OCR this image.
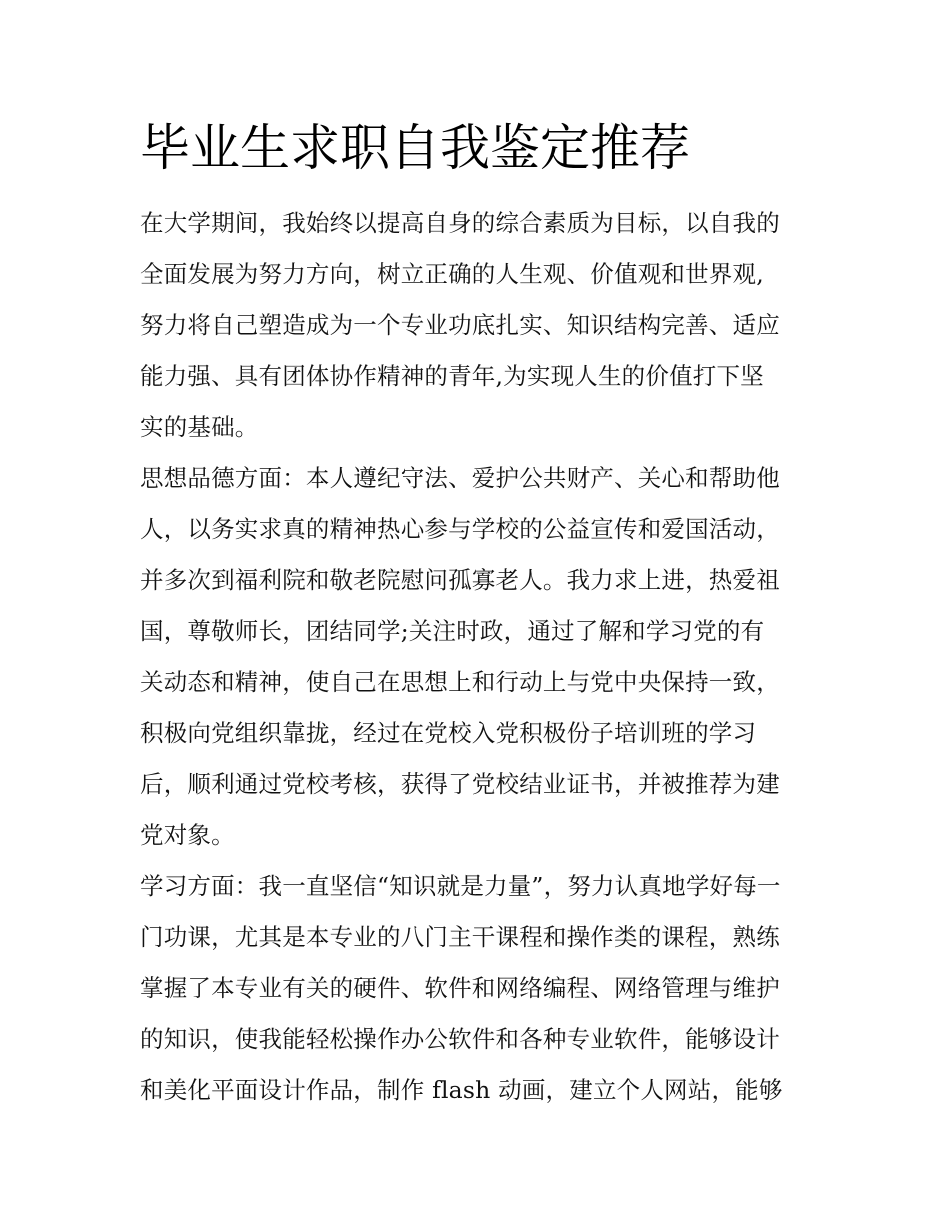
毕业生求职自我鉴定推荐
在大学期间，我始终以提高自身的综合素质为目标，以自我的
全面发展为努力方向，树立正确的人生观、价值观和世界观,
努力将自己塑造成为一个专业功底扎实、知识结构完善、适应
能力强、具有团体协作精神的青年,为实现人生的价值打下坚
实的基础。
思想品德方面：本人遵纪守法、爱护公共财产、关心和帮助他
人，以务实求真的精神热心参与学校的公益宣传和爱国活动，
并多次到福利院和敬老院慰问孤寡老人。我力求上进，热爱祖
国，尊敬师长，团结同学;关注时政，通过了解和学习党的有
关动态和精神，使自己在思想上和行动上与党中央保持一致，
积极向党组织靠拢，经过在党校入党积极份子培训班的学习
后，顺利通过党校考核，获得了党校结业证书，并被推荐为建
党对象。
学习方面：我一直坚信“知识就是力量”，努力认真地学好每一
门功课，尤其是本专业的八门主干课程和操作类的课程，熟练
掌握了本专业有关的硬件、软件和网络编程、网络管理与维护
的知识，使我能轻松操作办公软件和各种专业软件，能够设计
和美化平面设计作品，制作 flash 动画，建立个人网站，能够
